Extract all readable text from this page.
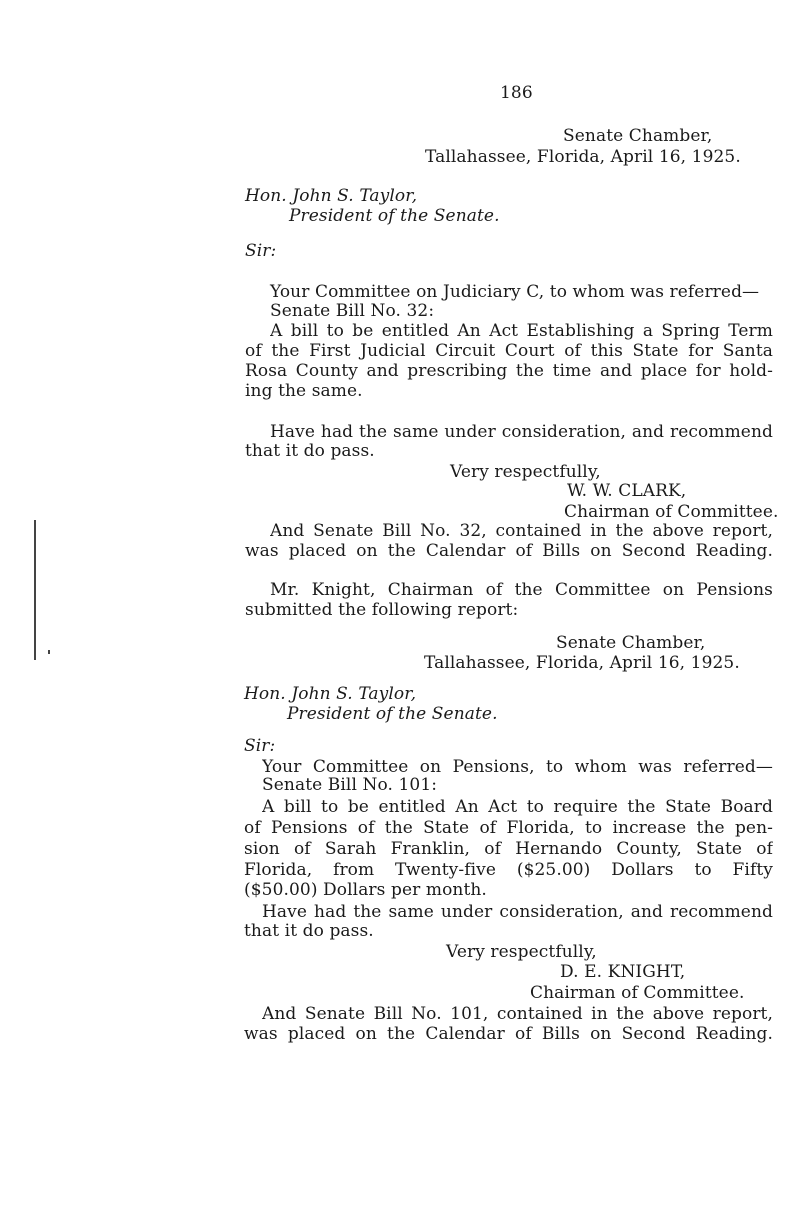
186
Senate Chamber,
Tallahassee, Florida, April 16, 1925.
Hon. John S. Taylor,
President of the Senate.
Sir:
Your Committee on Judiciary C, to whom was referred—
Senate Bill No. 32:
A bill to be entitled An Act Establishing a Spring Term
of the First Judicial Circuit Court of this State for Santa
Rosa County and prescribing the time and place for hold-
ing the same.
Have had the same under consideration, and recommend
that it do pass.
Very respectfully,
W. W. CLARK,
Chairman of Committee.
And Senate Bill No. 32, contained in the above report,
was placed on the Calendar of Bills on Second Reading.
Mr. Knight, Chairman of the Committee on Pensions
submitted the following report:
Senate Chamber,
Tallahassee, Florida, April 16, 1925.
Hon. John S. Taylor,
President of the Senate.
Sir:
Your Committee on Pensions, to whom was referred—
Senate Bill No. 101:
A bill to be entitled An Act to require the State Board
of Pensions of the State of Florida, to increase the pen-
sion of Sarah Franklin, of Hernando County, State of
Florida, from Twenty-five ($25.00) Dollars to Fifty
($50.00) Dollars per month.
Have had the same under consideration, and recommend
that it do pass.
Very respectfully,
D. E. KNIGHT,
Chairman of Committee.
And Senate Bill No. 101, contained in the above report,
was placed on the Calendar of Bills on Second Reading.
